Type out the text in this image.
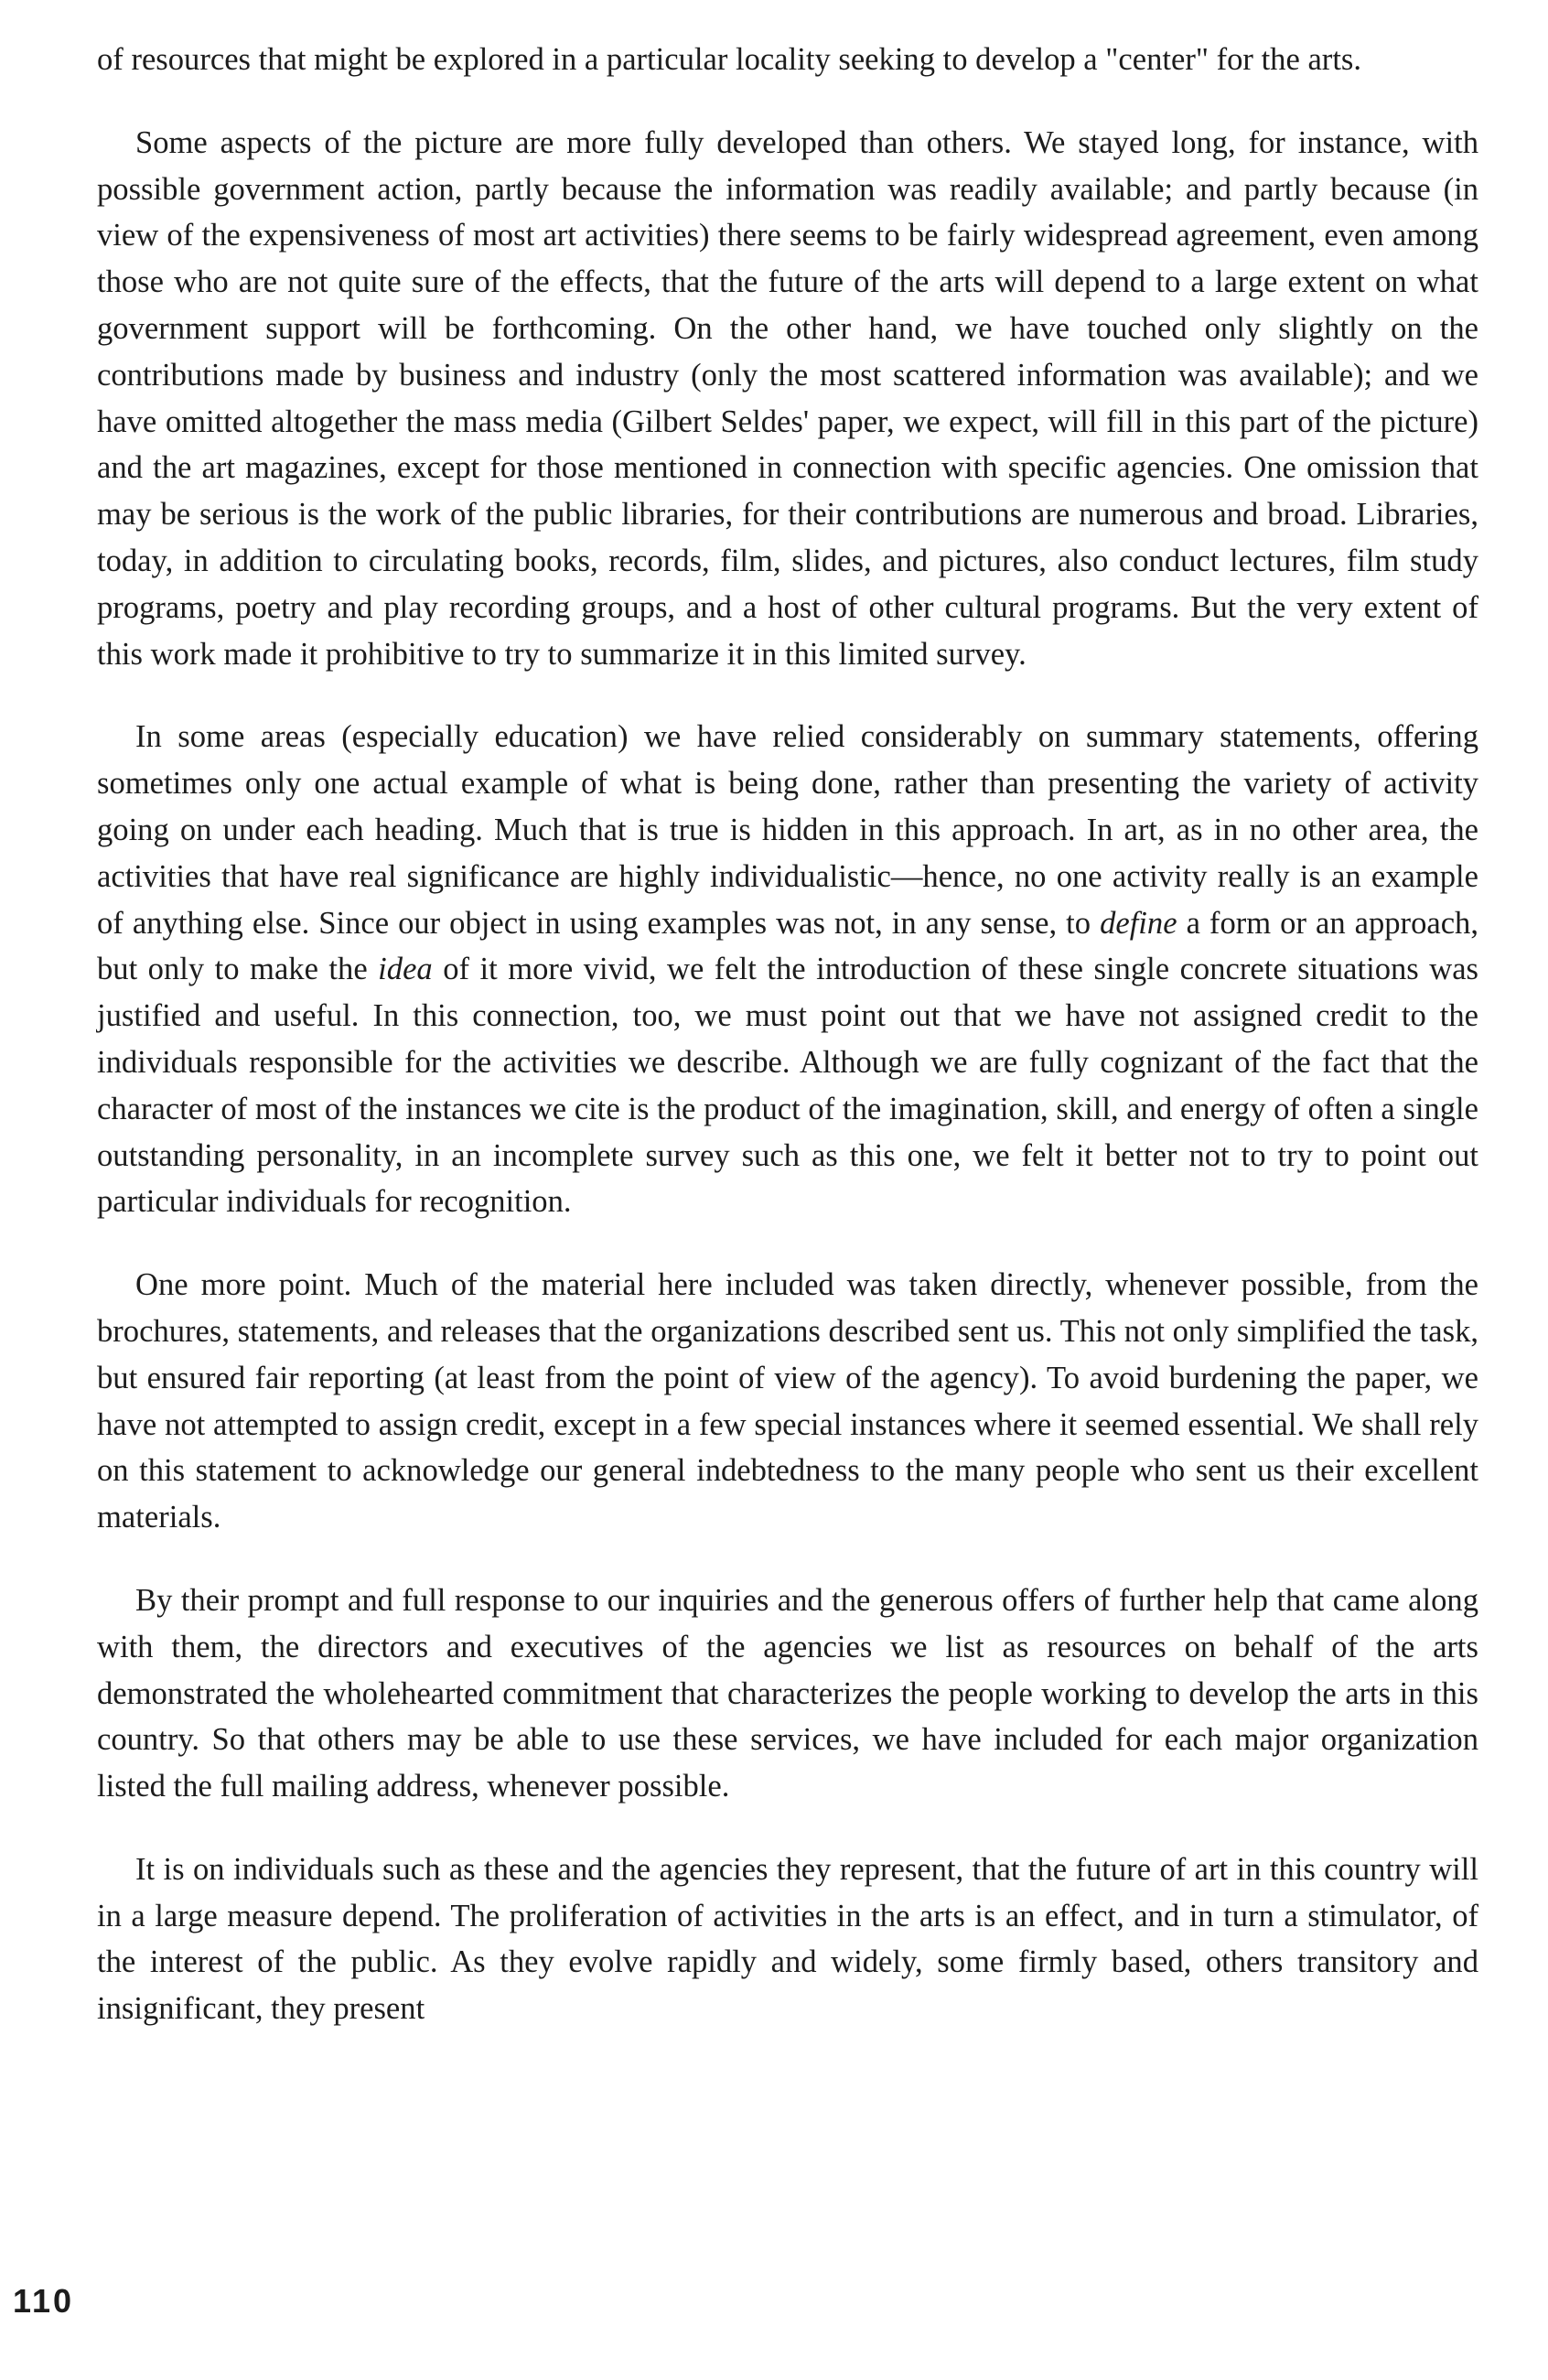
of resources that might be explored in a particular locality seeking to develop a "center" for the arts.

Some aspects of the picture are more fully developed than others. We stayed long, for instance, with possible government action, partly because the information was readily available; and partly because (in view of the expensiveness of most art activities) there seems to be fairly widespread agreement, even among those who are not quite sure of the effects, that the future of the arts will depend to a large extent on what government support will be forthcoming. On the other hand, we have touched only slightly on the contributions made by business and industry (only the most scattered information was available); and we have omitted altogether the mass media (Gilbert Seldes' paper, we expect, will fill in this part of the picture) and the art magazines, except for those mentioned in connection with specific agencies. One omission that may be serious is the work of the public libraries, for their contributions are numerous and broad. Libraries, today, in addition to circulating books, records, film, slides, and pictures, also conduct lectures, film study programs, poetry and play recording groups, and a host of other cultural programs. But the very extent of this work made it prohibitive to try to summarize it in this limited survey.

In some areas (especially education) we have relied considerably on summary statements, offering sometimes only one actual example of what is being done, rather than presenting the variety of activity going on under each heading. Much that is true is hidden in this approach. In art, as in no other area, the activities that have real significance are highly individualistic—hence, no one activity really is an example of anything else. Since our object in using examples was not, in any sense, to define a form or an approach, but only to make the idea of it more vivid, we felt the introduction of these single concrete situations was justified and useful. In this connection, too, we must point out that we have not assigned credit to the individuals responsible for the activities we describe. Although we are fully cognizant of the fact that the character of most of the instances we cite is the product of the imagination, skill, and energy of often a single outstanding personality, in an incomplete survey such as this one, we felt it better not to try to point out particular individuals for recognition.

One more point. Much of the material here included was taken directly, whenever possible, from the brochures, statements, and releases that the organizations described sent us. This not only simplified the task, but ensured fair reporting (at least from the point of view of the agency). To avoid burdening the paper, we have not attempted to assign credit, except in a few special instances where it seemed essential. We shall rely on this statement to acknowledge our general indebtedness to the many people who sent us their excellent materials.

By their prompt and full response to our inquiries and the generous offers of further help that came along with them, the directors and executives of the agencies we list as resources on behalf of the arts demonstrated the wholehearted commitment that characterizes the people working to develop the arts in this country. So that others may be able to use these services, we have included for each major organization listed the full mailing address, whenever possible.

It is on individuals such as these and the agencies they represent, that the future of art in this country will in a large measure depend. The proliferation of activities in the arts is an effect, and in turn a stimulator, of the interest of the public. As they evolve rapidly and widely, some firmly based, others transitory and insignificant, they present

110
